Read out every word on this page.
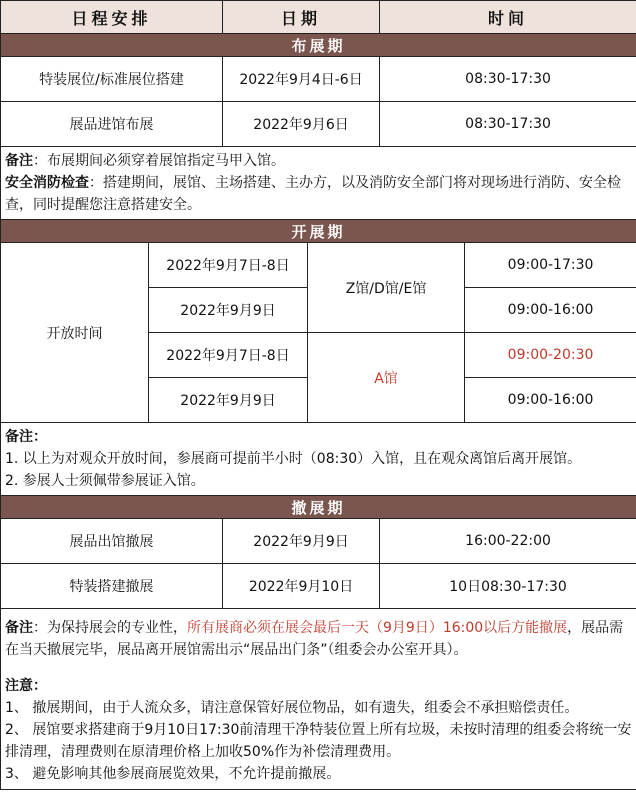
日程安排		日期		时间	
布展期					
特装展位/标准展位搭建		2022年9月4日-6日		08:30-17:30	
展品进馆布展		2022年9月6日		08:30-17:30	
备注：布展期间必须穿着展馆指定马甲入馆。
安全消防检查：搭建期间，展馆、主场搭建、主办方，以及消防安全部门将对现场进行消防、安全检查，同时提醒您注意搭建安全。					
开展期					
开放时间	2022年9月7日-8日		Z馆/D馆/E馆		09:00-17:30
	2022年9月9日				09:00-16:00
	2022年9月7日-8日		A馆		09:00-20:30
	2022年9月9日				09:00-16:00
备注：
1. 以上为对观众开放时间，参展商可提前半小时（08:30）入馆，且在观众离馆后离开展馆。
2. 参展人士须佩带参展证入馆。					
撤展期					
展品出馆撤展		2022年9月9日		16:00-22:00	
特装搭建撤展		2022年9月10日		10日08:30-17:30	
备注：为保持展会的专业性，所有展商必须在展会最后一天（9月9日）16:00以后方能撤展，展品需在当天撤展完毕，展品离开展馆需出示“展品出门条”（组委会办公室开具）。
注意：
1、 撤展期间，由于人流众多，请注意保管好展位物品，如有遗失，组委会不承担赔偿责任。
2、 展馆要求搭建商于9月10日17:30前清理干净特装位置上所有垃圾，未按时清理的组委会将统一安排清理，清理费则在原清理价格上加收50%作为补偿清理费用。
3、 避免影响其他参展商展览效果，不允许提前撤展。					
